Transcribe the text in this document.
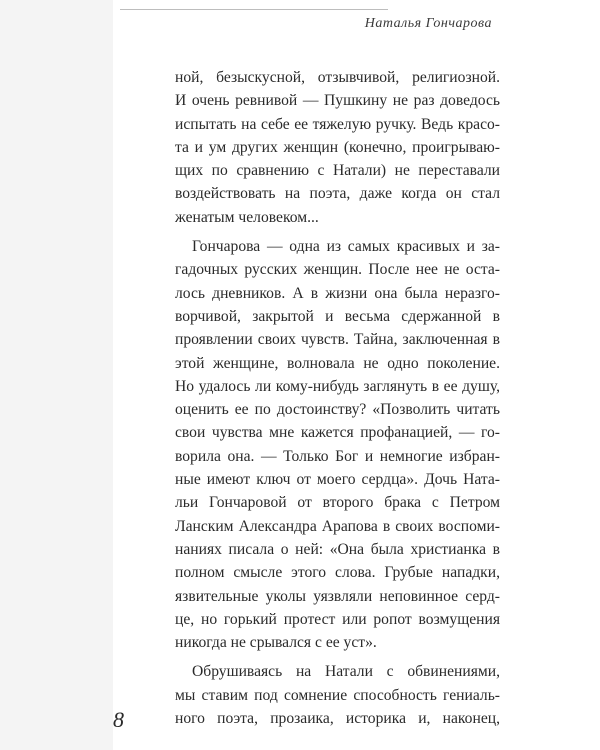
Наталья Гончарова
ной, безыскусной, отзывчивой, религиозной.
И очень ревнивой — Пушкину не раз доведось
испытать на себе ее тяжелую ручку. Ведь красо-
та и ум других женщин (конечно, проигрываю-
щих по сравнению с Натали) не переставали
воздействовать на поэта, даже когда он стал
женатым человеком...
Гончарова — одна из самых красивых и за-
гадочных русских женщин. После нее не оста-
лось дневников. А в жизни она была неразго-
ворчивой, закрытой и весьма сдержанной в
проявлении своих чувств. Тайна, заключенная в
этой женщине, волновала не одно поколение.
Но удалось ли кому-нибудь заглянуть в ее душу,
оценить ее по достоинству? «Позволить читать
свои чувства мне кажется профанацией, — го-
ворила она. — Только Бог и немногие избран-
ные имеют ключ от моего сердца». Дочь Ната-
льи Гончаровой от второго брака с Петром
Ланским Александра Арапова в своих воспоми-
наниях писала о ней: «Она была христианка в
полном смысле этого слова. Грубые нападки,
язвительные уколы уязвляли неповинное серд-
це, но горький протест или ропот возмущения
никогда не срывался с ее уст».
Обрушиваясь на Натали с обвинениями,
мы ставим под сомнение способность гениаль-
ного поэта, прозаика, историка и, наконец,
8
